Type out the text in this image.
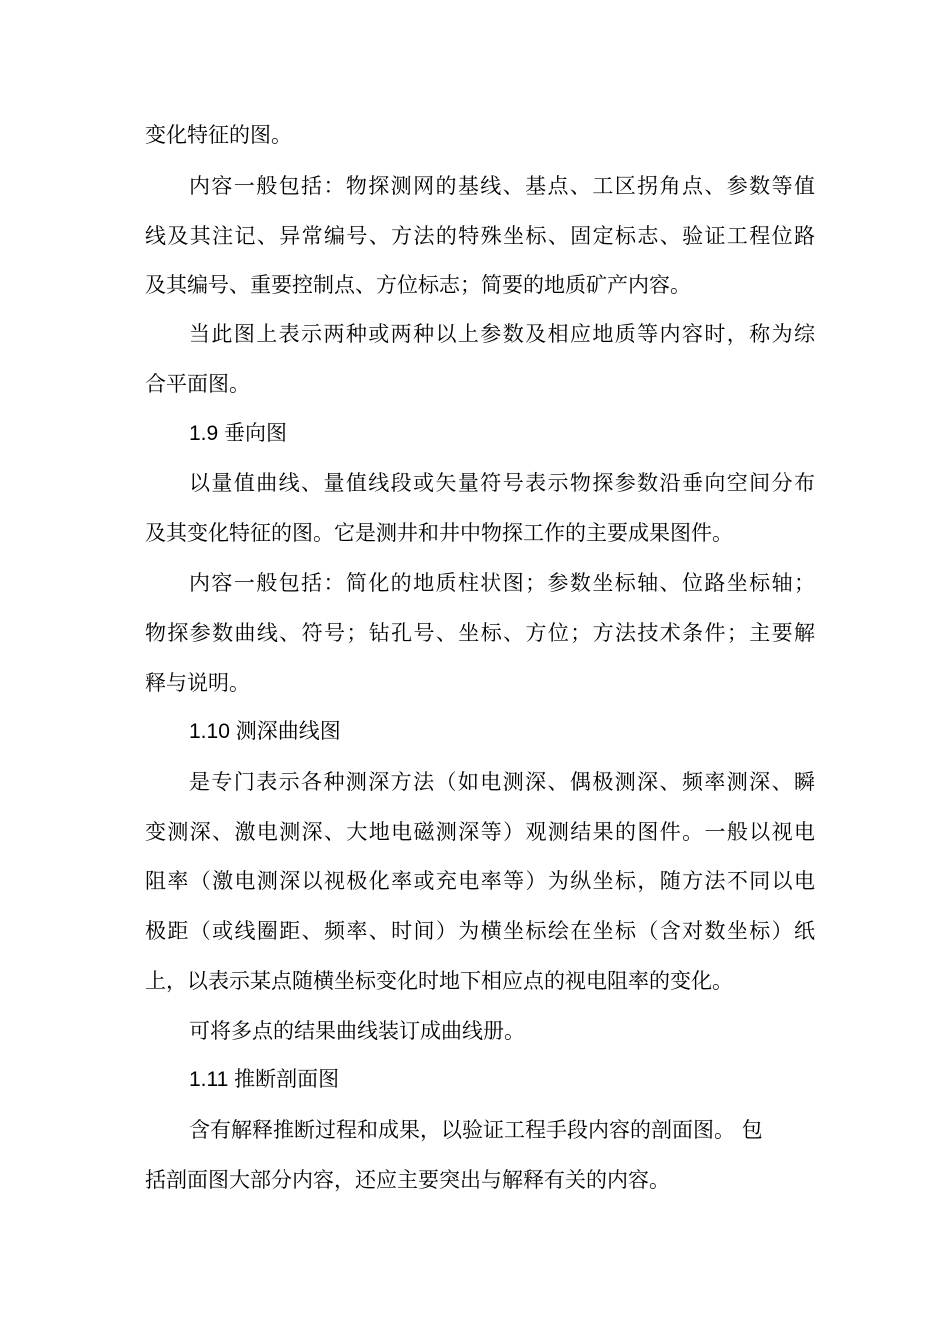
变化特征的图。
内容一般包括：物探测网的基线、基点、工区拐角点、参数等值
线及其注记、异常编号、方法的特殊坐标、固定标志、验证工程位路
及其编号、重要控制点、方位标志；简要的地质矿产内容。
当此图上表示两种或两种以上参数及相应地质等内容时，称为综
合平面图。
1.9 垂向图
以量值曲线、量值线段或矢量符号表示物探参数沿垂向空间分布
及其变化特征的图。它是测井和井中物探工作的主要成果图件。
内容一般包括：简化的地质柱状图；参数坐标轴、位路坐标轴；
物探参数曲线、符号；钻孔号、坐标、方位；方法技术条件；主要解
释与说明。
1.10 测深曲线图
是专门表示各种测深方法（如电测深、偶极测深、频率测深、瞬
变测深、激电测深、大地电磁测深等）观测结果的图件。一般以视电
阻率（激电测深以视极化率或充电率等）为纵坐标，随方法不同以电
极距（或线圈距、频率、时间）为横坐标绘在坐标（含对数坐标）纸
上，以表示某点随横坐标变化时地下相应点的视电阻率的变化。
可将多点的结果曲线装订成曲线册。
1.11 推断剖面图
含有解释推断过程和成果，以验证工程手段内容的剖面图。 包
括剖面图大部分内容，还应主要突出与解释有关的内容。
